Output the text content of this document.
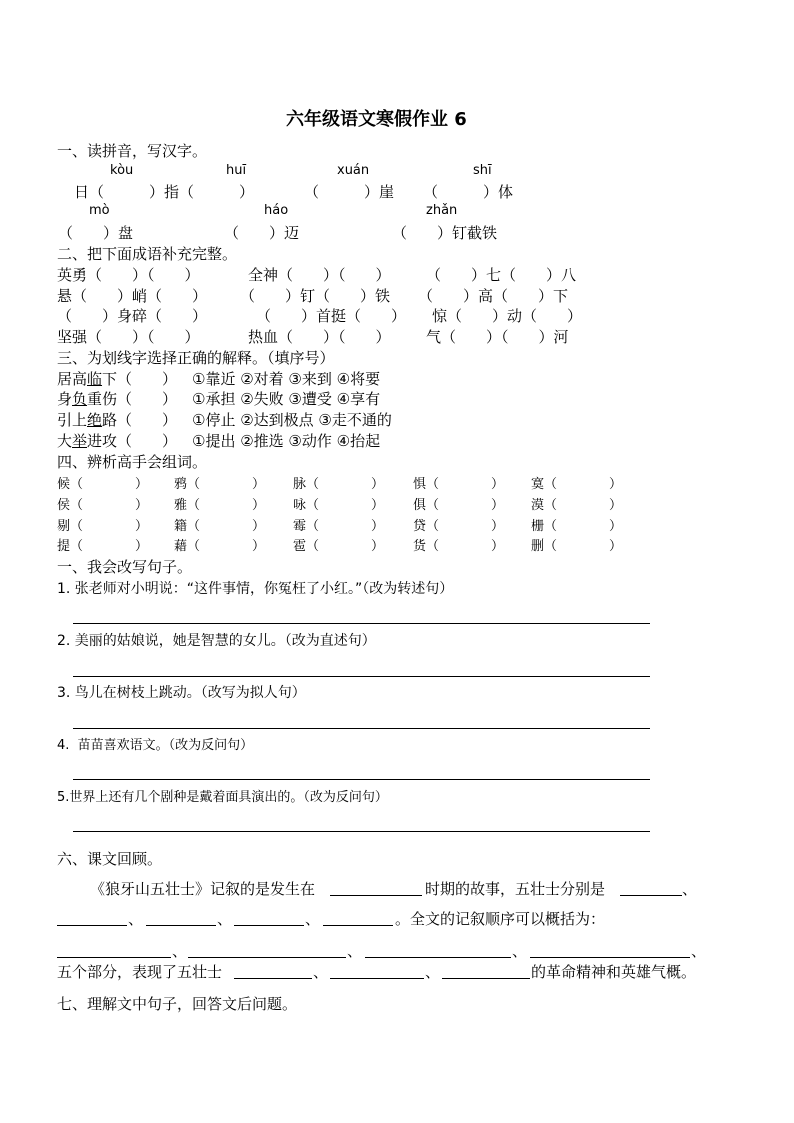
六年级语文寒假作业 6
一、读拼音，写汉字。
kòu	huī	xuán	shī
日（　　　）指（　　　）	（　　　）崖 （　　　）体
mò	háo	zhǎn
（　　）盘	（　　）迈	（　　）钉截铁
二、把下面成语补充完整。
英勇（　　）（　　）	全神（　　）（　　） （　　）七（　　）八
悬（　　）峭（　　） （　　）钉（　　）铁 （　　）高（　　）下
（　　）身碎（　　）	（　　）首挺（　　） 惊（　　）动（　　）
坚强（　　）（　　）	热血（　　）（　　） 气（　　）（　　）河
三、为划线字选择正确的解释。（填序号）
居高临下（　　） ①靠近 ②对着 ③来到 ④将要
身负重伤（　　） ①承担 ②失败 ③遭受 ④享有
引上绝路（　　） ①停止 ②达到极点 ③走不通的
大举进攻（　　） ①提出 ②推选 ③动作 ④抬起
四、辨析高手会组词。
候（　　　　） 鸦（　　　　） 脉（　　　　） 惧（　　　　） 寞（　　　　）
侯（　　　　） 雅（　　　　） 咏（　　　　） 俱（　　　　） 漠（　　　　）
剔（　　　　） 籍（　　　　） 霉（　　　　） 贷（　　　　） 栅（　　　　）
提（　　　　） 藉（　　　　） 雹（　　　　） 货（　　　　） 删（　　　　）
一、我会改写句子。
1. 张老师对小明说：“这件事情，你冤枉了小红。”（改为转述句）
2. 美丽的姑娘说，她是智慧的女儿。（改为直述句）
3. 鸟儿在树枝上跳动。（改写为拟人句）
4.  苗苗喜欢语文。（改为反问句）
5.世界上还有几个剧种是戴着面具演出的。（改为反问句）
六、课文回顾。
《狼牙山五壮士》记叙的是发生在	时期的故事，五壮士分别是	、
、	、	、	。全文的记叙顺序可以概括为：
、	、	、	、
五个部分，表现了五壮士	、	、	的革命精神和英雄气概。
七、理解文中句子，回答文后问题。
